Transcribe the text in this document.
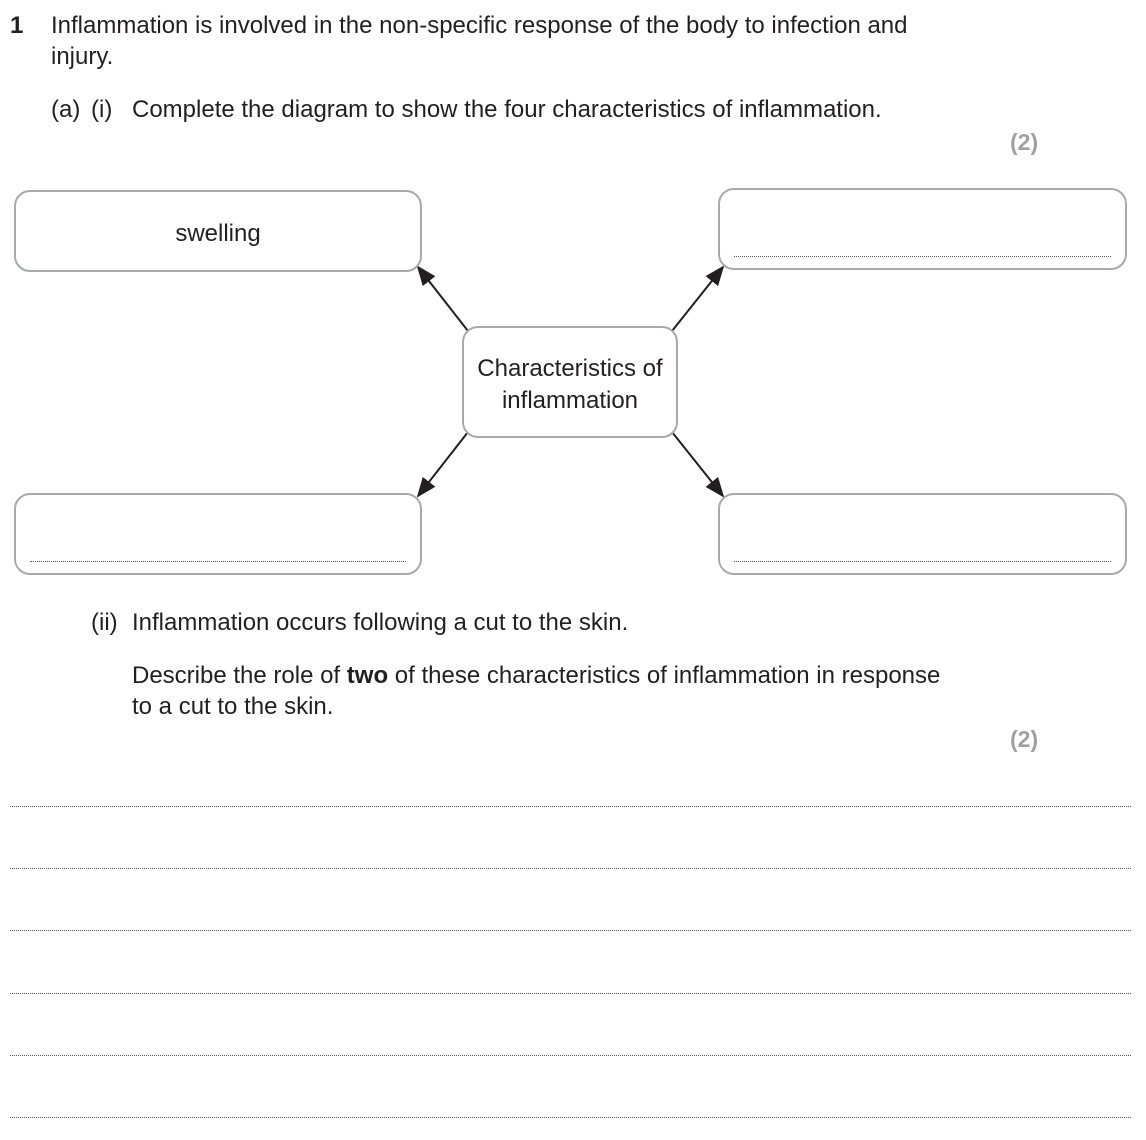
1 Inflammation is involved in the non-specific response of the body to infection and
injury.
(a) (i) Complete the diagram to show the four characteristics of inflammation.
(2)
swelling
Characteristics of
inflammation
(ii) Inflammation occurs following a cut to the skin.
Describe the role of two of these characteristics of inflammation in response
to a cut to the skin.
(2)
